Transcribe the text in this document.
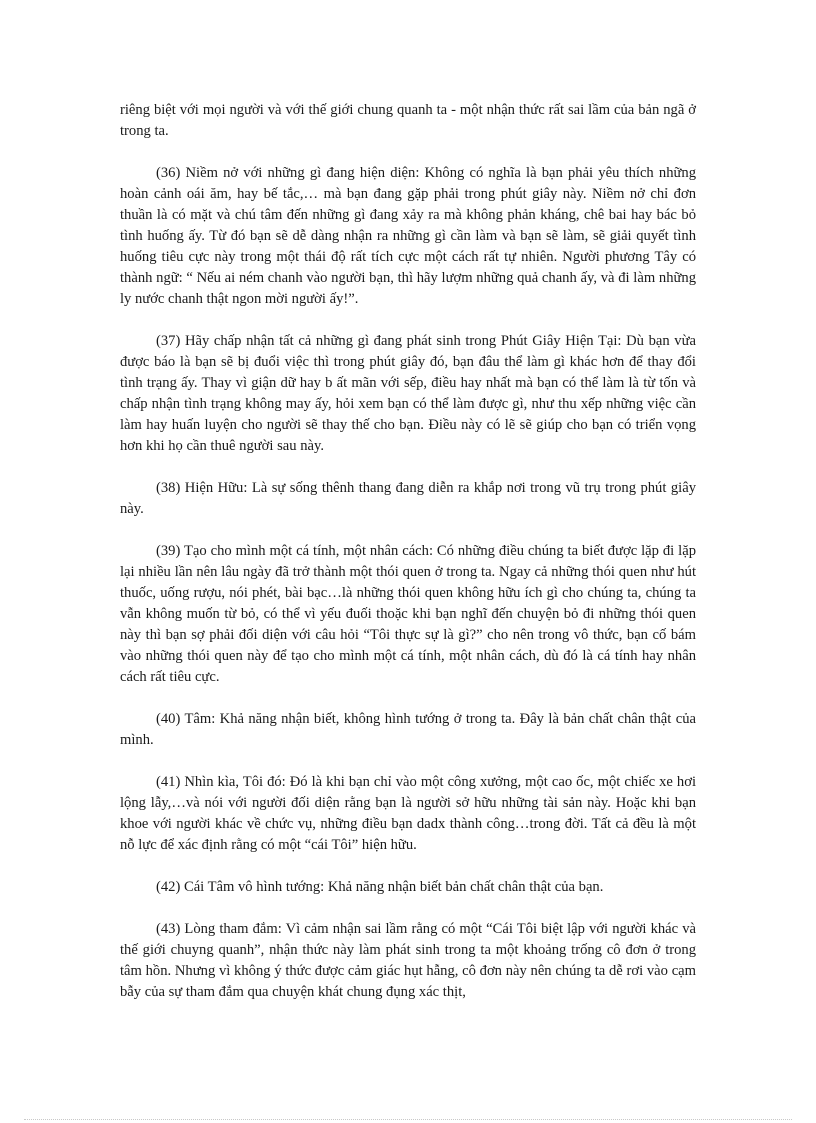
riêng biệt với mọi người và với thế giới chung quanh ta - một nhận thức rất sai lầm của bản ngã ở trong ta.

(36) Niềm nở với những gì đang hiện diện: Không có nghĩa là bạn phải yêu thích những hoàn cảnh oái ăm, hay bế tắc,… mà bạn đang gặp phải trong phút giây này. Niềm nở chỉ đơn thuần là có mặt và chú tâm đến những gì đang xảy ra mà không phản kháng, chê bai hay bác bỏ tình huống ấy. Từ đó bạn sẽ dễ dàng nhận ra những gì cần làm và bạn sẽ làm, sẽ giải quyết tình huống tiêu cực này trong một thái độ rất tích cực một cách rất tự nhiên. Người phương Tây có thành ngữ: “ Nếu ai ném chanh vào người bạn, thì hãy lượm những quả chanh ấy, và đi làm những ly nước chanh thật ngon mời người ấy!”.

(37) Hãy chấp nhận tất cả những gì đang phát sinh trong Phút Giây Hiện Tại: Dù bạn vừa được báo là bạn sẽ bị đuổi việc thì trong phút giây đó, bạn đâu thể làm gì khác hơn để thay đổi tình trạng ấy. Thay vì giận dữ hay b ất mãn với sếp, điều hay nhất mà bạn có thể làm là từ tốn và chấp nhận tình trạng không may ấy, hỏi xem bạn có thể làm được gì, như thu xếp những việc cần làm hay huấn luyện cho người sẽ thay thế cho bạn. Điều này có lẽ sẽ giúp cho bạn có triển vọng hơn khi họ cần thuê người sau này.

(38) Hiện Hữu: Là sự sống thênh thang đang diễn ra khắp nơi trong vũ trụ trong phút giây này.

(39) Tạo cho mình một cá tính, một nhân cách: Có những điều chúng ta biết được lặp đi lặp lại nhiều lần nên lâu ngày đã trở thành một thói quen ở trong ta. Ngay cả những thói quen như hút thuốc, uống rượu, nói phét, bài bạc…là những thói quen không hữu ích gì cho chúng ta, chúng ta vẫn không muốn từ bỏ, có thể vì yếu đuối thoặc khi bạn nghĩ đến chuyện bỏ đi những thói quen này thì bạn sợ phải đối diện với câu hỏi “Tôi thực sự là gì?” cho nên trong vô thức, bạn cố bám vào những thói quen này để tạo cho mình một cá tính, một nhân cách, dù đó là cá tính hay nhân cách rất tiêu cực.

(40) Tâm: Khả năng nhận biết, không hình tướng ở trong ta. Đây là bản chất chân thật của mình.

(41) Nhìn kìa, Tôi đó: Đó là khi bạn chỉ vào một công xưởng, một cao ốc, một chiếc xe hơi lộng lẫy,…và nói với người đối diện rằng bạn là người sở hữu những tài sản này. Hoặc khi bạn khoe với người khác về chức vụ, những điều bạn dadx thành công…trong đời. Tất cả đều là một nỗ lực để xác định rằng có một “cái Tôi” hiện hữu.

(42) Cái Tâm vô hình tướng: Khả năng nhận biết bản chất chân thật của bạn.

(43) Lòng tham đắm: Vì cảm nhận sai lầm rằng có một “Cái Tôi biệt lập với người khác và thế giới chuyng quanh”, nhận thức này làm phát sinh trong ta một khoảng trống cô đơn ở trong tâm hồn. Nhưng vì không ý thức được cảm giác hụt hẫng, cô đơn này nên chúng ta dễ rơi vào cạm bẫy của sự tham đắm qua chuyện khát chung đụng xác thịt,
